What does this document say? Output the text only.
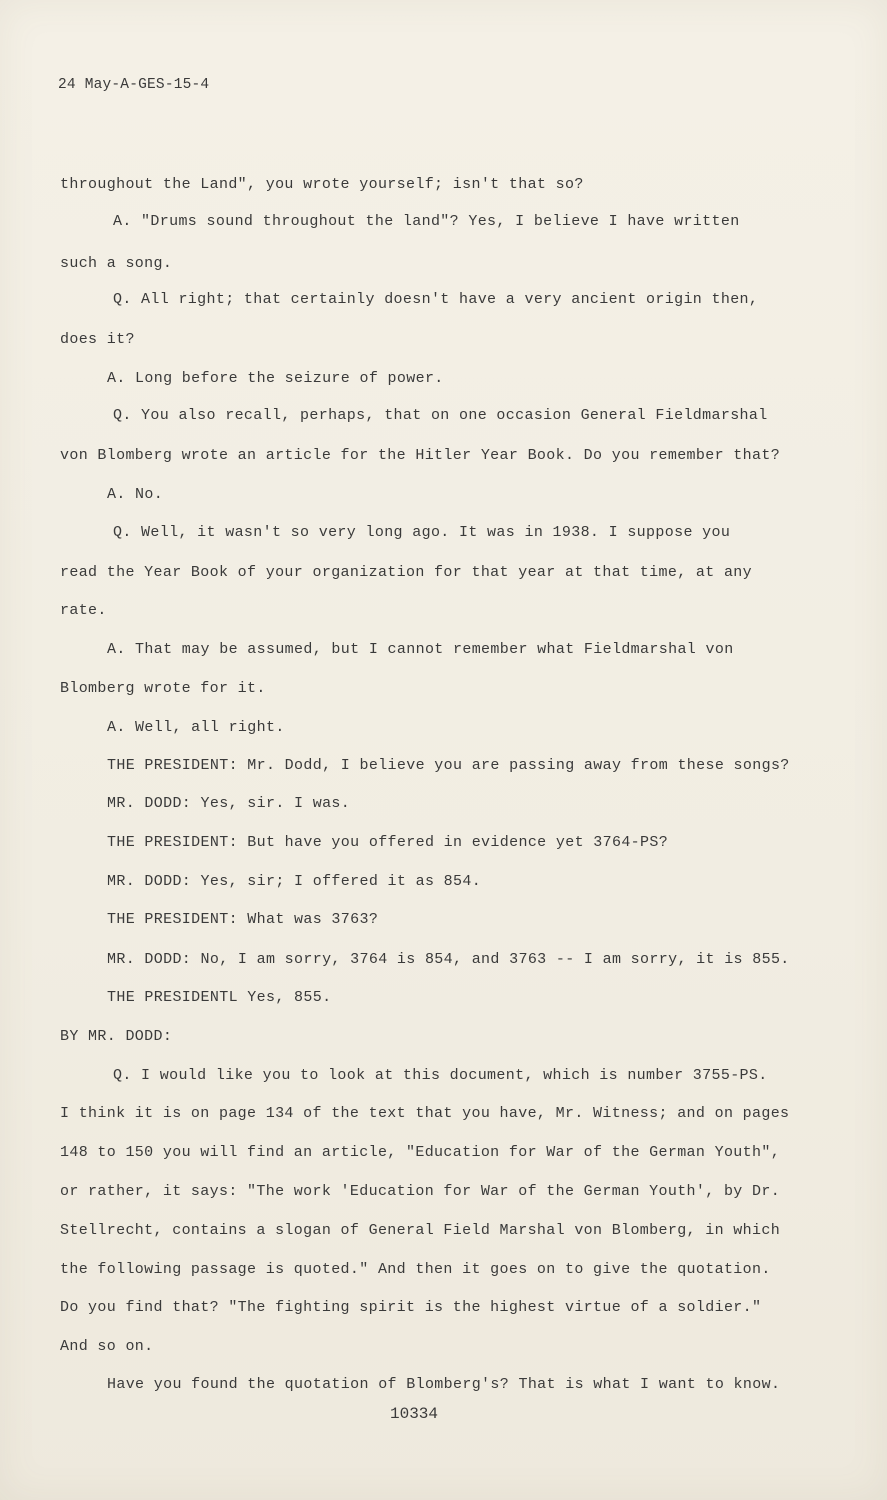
24 May-A-GES-15-4
throughout the Land", you wrote yourself; isn't that so?
A. "Drums sound throughout the land"? Yes, I believe I have written
such a song.
Q. All right; that certainly doesn't have a very ancient origin then,
does it?
A. Long before the seizure of power.
Q. You also recall, perhaps, that on one occasion General Fieldmarshal
von Blomberg wrote an article for the Hitler Year Book. Do you remember that?
A. No.
Q. Well, it wasn't so very long ago. It was in 1938. I suppose you
read the Year Book of your organization for that year at that time, at any
rate.
A. That may be assumed, but I cannot remember what Fieldmarshal von
Blomberg wrote for it.
A. Well, all right.
THE PRESIDENT: Mr. Dodd, I believe you are passing away from these songs?
MR. DODD: Yes, sir. I was.
THE PRESIDENT: But have you offered in evidence yet 3764-PS?
MR. DODD: Yes, sir; I offered it as 854.
THE PRESIDENT: What was 3763?
MR. DODD: No, I am sorry, 3764 is 854, and 3763 -- I am sorry, it is 855.
THE PRESIDENTL Yes, 855.
BY MR. DODD:
Q. I would like you to look at this document, which is number 3755-PS.
I think it is on page 134 of the text that you have, Mr. Witness; and on pages
148 to 150 you will find an article, "Education for War of the German Youth",
or rather, it says: "The work 'Education for War of the German Youth', by Dr.
Stellrecht, contains a slogan of General Field Marshal von Blomberg, in which
the following passage is quoted." And then it goes on to give the quotation.
Do you find that? "The fighting spirit is the highest virtue of a soldier."
And so on.
Have you found the quotation of Blomberg's? That is what I want to know.
10334
